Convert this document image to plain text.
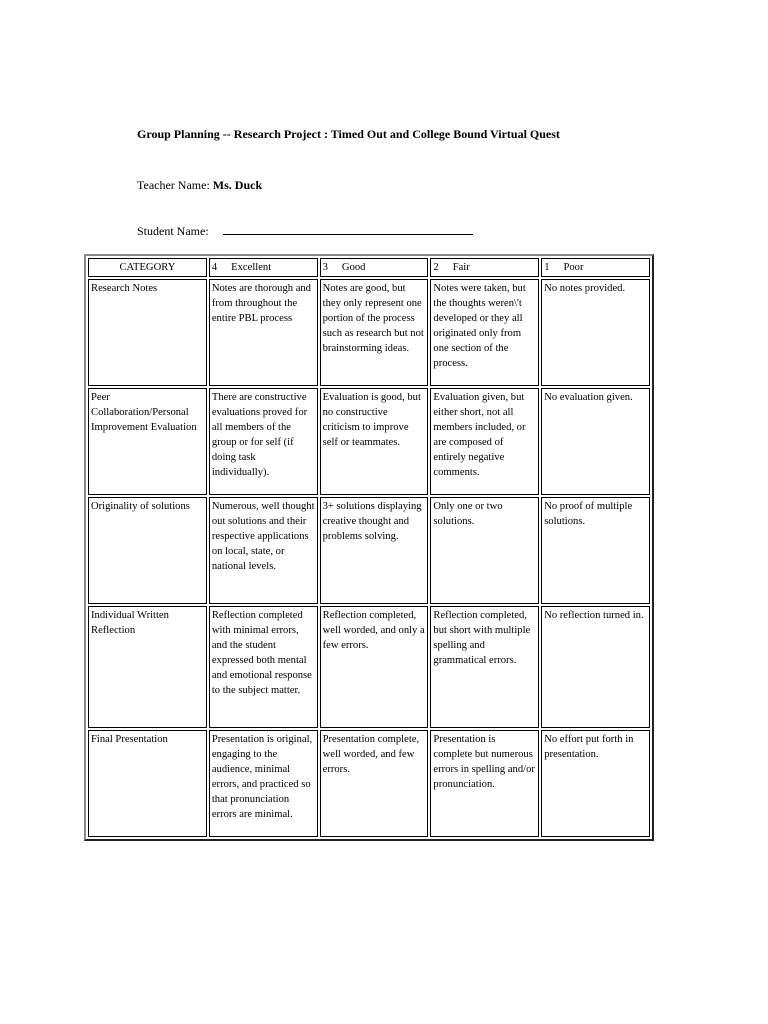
Group Planning -- Research Project : Timed Out and College Bound Virtual Quest
Teacher Name: Ms. Duck
Student Name:
CATEGORY	4 Excellent	3 Good	2 Fair	1 Poor
Research Notes	Notes are thorough and from throughout the entire PBL process	Notes are good, but they only represent one portion of the process such as research but not brainstorming ideas.	Notes were taken, but the thoughts weren\'t developed or they all originated only from one section of the process.	No notes provided.
Peer Collaboration/Personal Improvement Evaluation	There are constructive evaluations proved for all members of the group or for self (if doing task individually).	Evaluation is good, but no constructive criticism to improve self or teammates.	Evaluation given, but either short, not all members included, or are composed of entirely negative comments.	No evaluation given.
Originality of solutions	Numerous, well thought out solutions and their respective applications on local, state, or national levels.	3+ solutions displaying creative thought and problems solving.	Only one or two solutions.	No proof of multiple solutions.
Individual Written Reflection	Reflection completed with minimal errors, and the student expressed both mental and emotional response to the subject matter.	Reflection completed, well worded, and only a few errors.	Reflection completed, but short with multiple spelling and grammatical errors.	No reflection turned in.
Final Presentation	Presentation is original, engaging to the audience, minimal errors, and practiced so that pronunciation errors are minimal.	Presentation complete, well worded, and few errors.	Presentation is complete but numerous errors in spelling and/or pronunciation.	No effort put forth in presentation.
